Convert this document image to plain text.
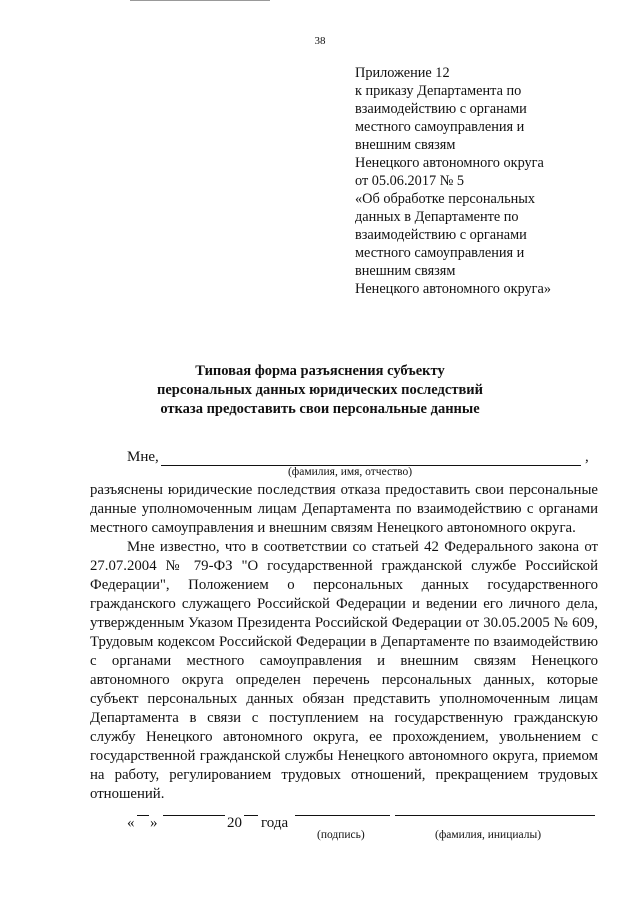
38
Приложение 12
к приказу Департамента по
взаимодействию с органами
местного самоуправления и
внешним связям
Ненецкого автономного округа
от 05.06.2017 № 5
«Об обработке персональных
данных в Департаменте по
взаимодействию с органами
местного самоуправления и
внешним связям
Ненецкого автономного округа»
Типовая форма разъяснения субъекту
персональных данных юридических последствий
отказа предоставить свои персональные данные
Мне,	,
(фамилия, имя, отчество)

разъяснены юридические последствия отказа предоставить свои персональные данные уполномоченным лицам Департамента по взаимодействию с органами местного самоуправления и внешним связям Ненецкого автономного округа.

Мне известно, что в соответствии со статьей 42 Федерального закона от 27.07.2004 № 79-ФЗ "О государственной гражданской службе Российской Федерации", Положением о персональных данных государственного гражданского служащего Российской Федерации и ведении его личного дела, утвержденным Указом Президента Российской Федерации от 30.05.2005 № 609, Трудовым кодексом Российской Федерации в Департаменте по взаимодействию с органами местного самоуправления и внешним связям Ненецкого автономного округа определен перечень персональных данных, которые субъект персональных данных обязан представить уполномоченным лицам Департамента в связи с поступлением на государственную гражданскую службу Ненецкого автономного округа, ее прохождением, увольнением с государственной гражданской службы Ненецкого автономного округа, приемом на работу, регулированием трудовых отношений, прекращением трудовых отношений.

« »	20 года
(подпись)	(фамилия, инициалы)
